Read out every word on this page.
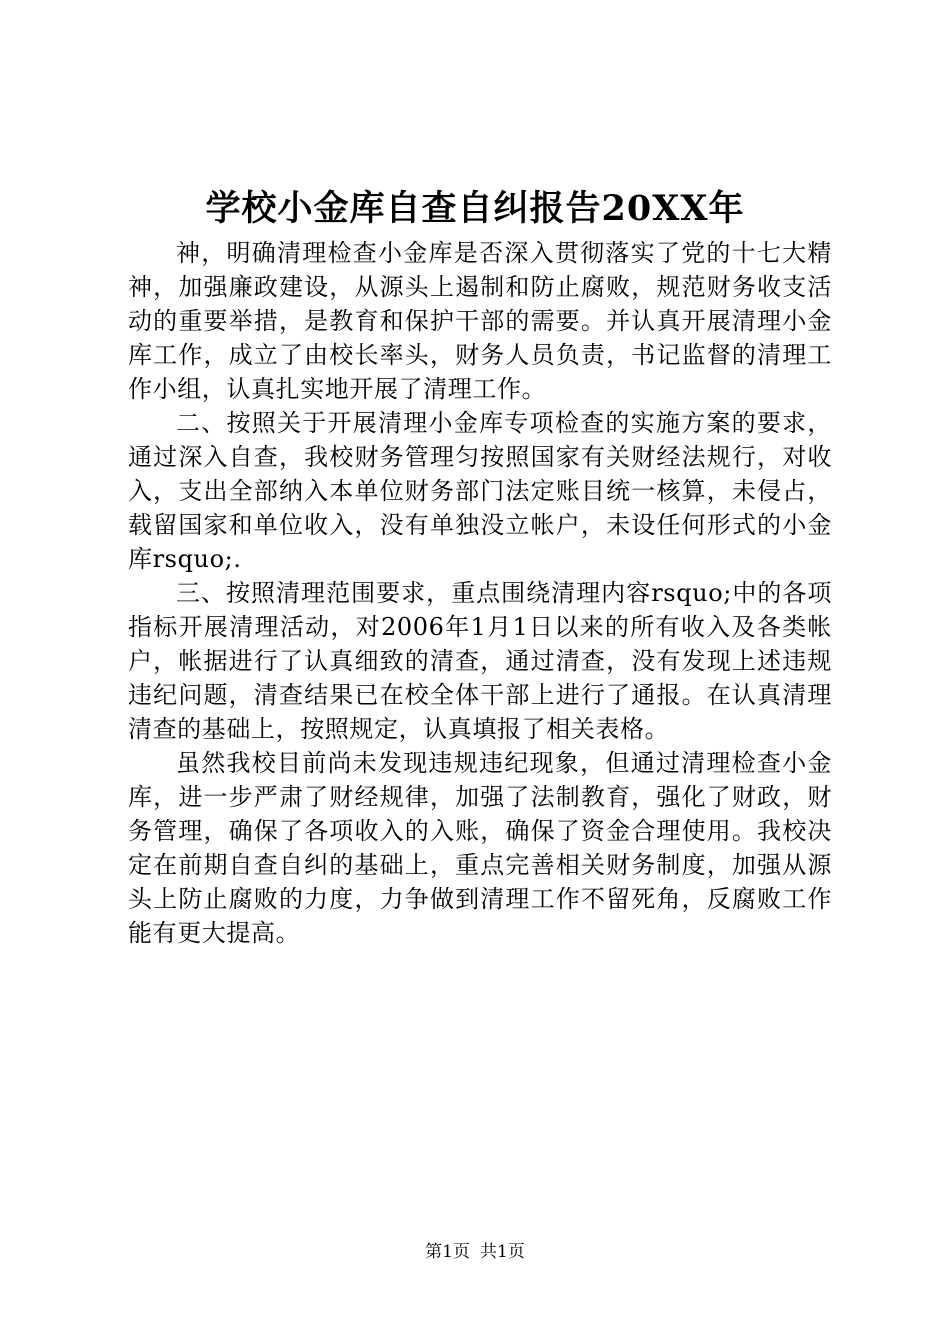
学校小金库自查自纠报告20XX年

神，明确清理检查小金库是否深入贯彻落实了党的十七大精神，加强廉政建设，从源头上遏制和防止腐败，规范财务收支活动的重要举措，是教育和保护干部的需要。并认真开展清理小金库工作，成立了由校长率头，财务人员负责，书记监督的清理工作小组，认真扎实地开展了清理工作。

二、按照关于开展清理小金库专项检查的实施方案的要求，通过深入自查，我校财务管理匀按照国家有关财经法规行，对收入，支出全部纳入本单位财务部门法定账目统一核算，未侵占，载留国家和单位收入，没有单独没立帐户，未设任何形式的小金库rsquo;.

三、按照清理范围要求，重点围绕清理内容rsquo;中的各项指标开展清理活动，对2006年1月1日以来的所有收入及各类帐户，帐据进行了认真细致的清查，通过清查，没有发现上述违规违纪问题，清查结果已在校全体干部上进行了通报。在认真清理清查的基础上，按照规定，认真填报了相关表格。

虽然我校目前尚未发现违规违纪现象，但通过清理检查小金库，进一步严肃了财经规律，加强了法制教育，强化了财政，财务管理，确保了各项收入的入账，确保了资金合理使用。我校决定在前期自查自纠的基础上，重点完善相关财务制度，加强从源头上防止腐败的力度，力争做到清理工作不留死角，反腐败工作能有更大提高。

第1页 共1页
